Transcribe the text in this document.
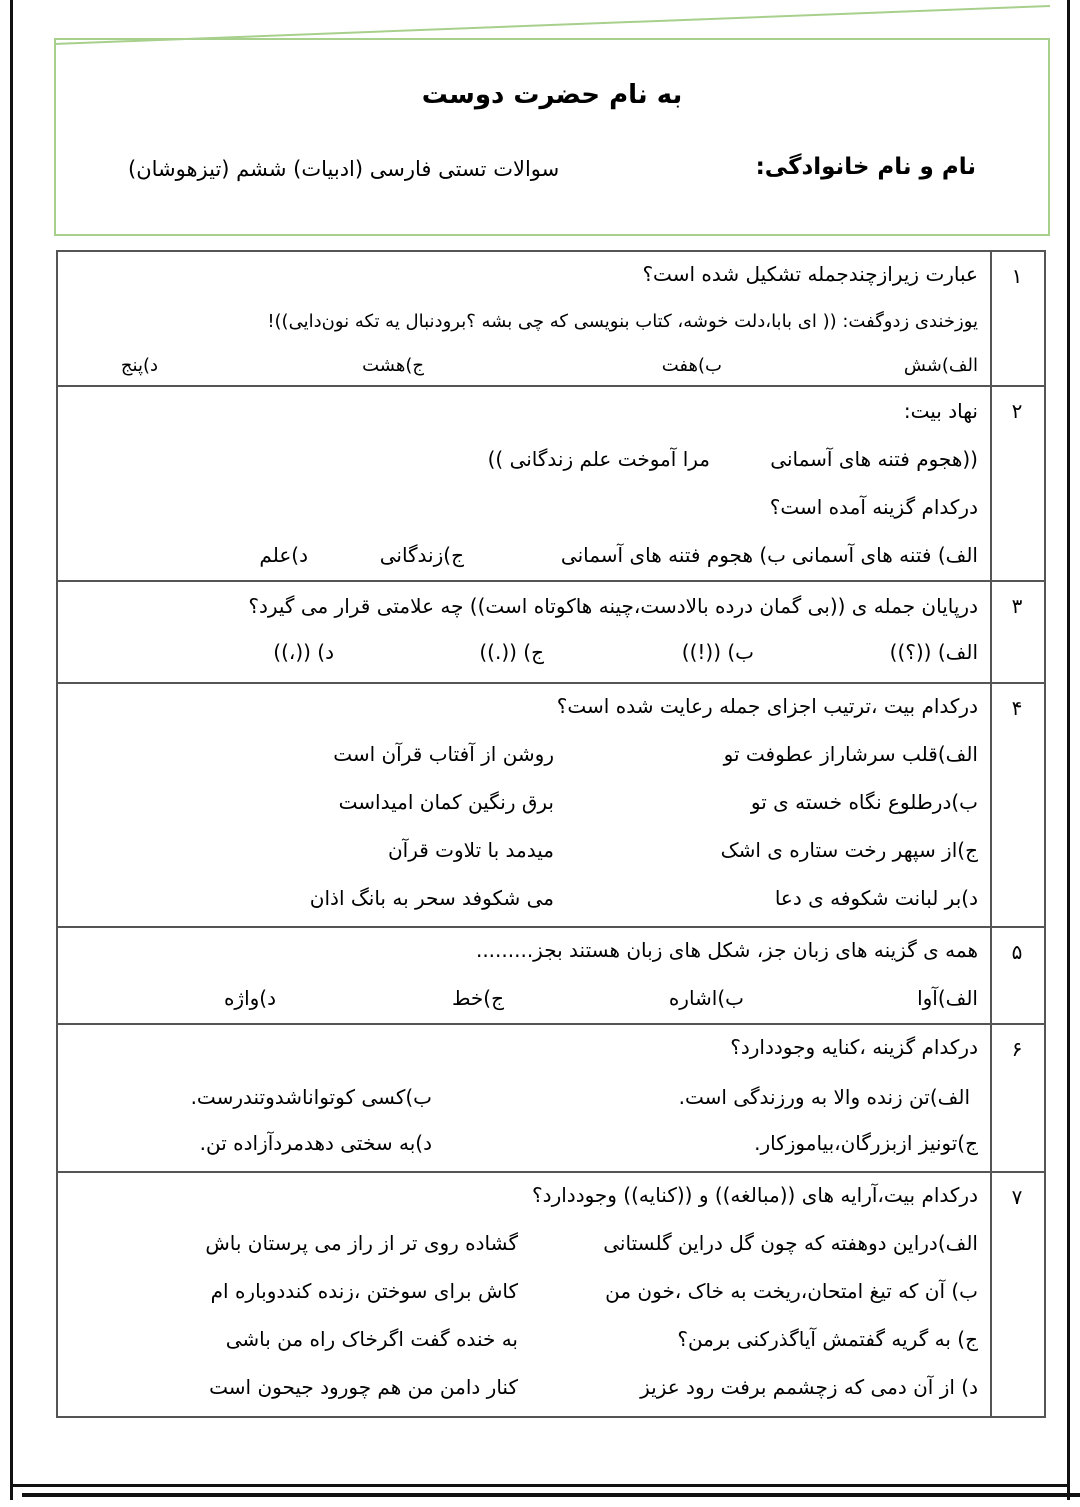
به نام حضرت دوست
نام و نام خانوادگی:
سوالات تستی فارسی (ادبیات) ششم (تیزهوشان)
۱
عبارت زیرازچندجمله تشکیل شده است؟
یوزخندی زدوگفت: (( ای بابا،دلت خوشه، کتاب بنویسی که چی بشه ؟برودنبال یه تکه نون‌دایی))!
الف)شش
ب)هفت
ج)هشت
د)پنج
۲
نهاد بیت:
((هجوم فتنه های آسمانی
مرا آموخت علم زندگانی ))
درکدام گزینه آمده است؟
الف) فتنه های آسمانی
ب) هجوم فتنه های آسمانی
ج)زندگانی
د)علم
۳
درپایان جمله ی ((بی گمان درده بالادست،چینه هاکوتاه است)) چه علامتی قرار می گیرد؟
الف) ((؟))
ب) ((!))
ج) ((.))
د) ((،))
۴
درکدام بیت ،ترتیب اجزای جمله رعایت شده است؟
الف)قلب سرشاراز عطوفت تو
روشن از آفتاب قرآن است
ب)درطلوع نگاه خسته ی تو
برق رنگین کمان امیداست
ج)از سپهر رخت ستاره ی اشک
میدمد با تلاوت قرآن
د)بر لبانت شکوفه ی دعا
می شکوفد سحر به بانگ اذان
۵
همه ی گزینه های زبان جز، شکل های زبان هستند بجز.........
الف)آوا
ب)اشاره
ج)خط
د)واژه
۶
درکدام گزینه ،کنایه وجوددارد؟
الف)تن زنده والا به ورزندگی است.
ب)کسی کوتواناشدوتندرست.
ج)تونیز ازبزرگان،بیاموزکار.
د)به سختی دهدمردآزاده تن.
۷
درکدام بیت،آرایه های ((مبالغه)) و ((کنایه)) وجوددارد؟
الف)دراین دوهفته که چون گل دراین گلستانی
گشاده روی تر از راز می پرستان باش
ب) آن که تیغ امتحان،ریخت به خاک ،خون من
کاش برای سوختن ،زنده کنددوباره ام
ج) به گریه گفتمش آیاگذرکنی برمن؟
به خنده گفت اگرخاک راه من باشی
د) از آن دمی که زچشمم برفت رود عزیز
کنار دامن من هم چورود جیحون است
